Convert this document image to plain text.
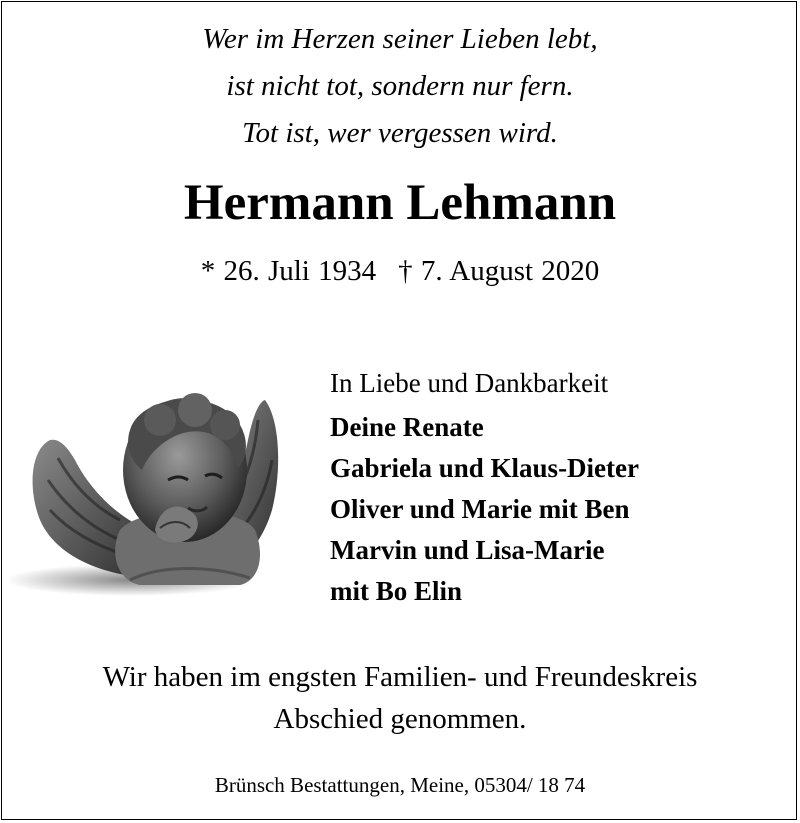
Wer im Herzen seiner Lieben lebt,
ist nicht tot, sondern nur fern.
Tot ist, wer vergessen wird.
Hermann Lehmann
* 26. Juli 1934 † 7. August 2020
In Liebe und Dankbarkeit
Deine Renate
Gabriela und Klaus-Dieter
Oliver und Marie mit Ben
Marvin und Lisa-Marie
mit Bo Elin
Wir haben im engsten Familien- und Freundeskreis
Abschied genommen.
Brünsch Bestattungen, Meine, 05304/ 18 74
